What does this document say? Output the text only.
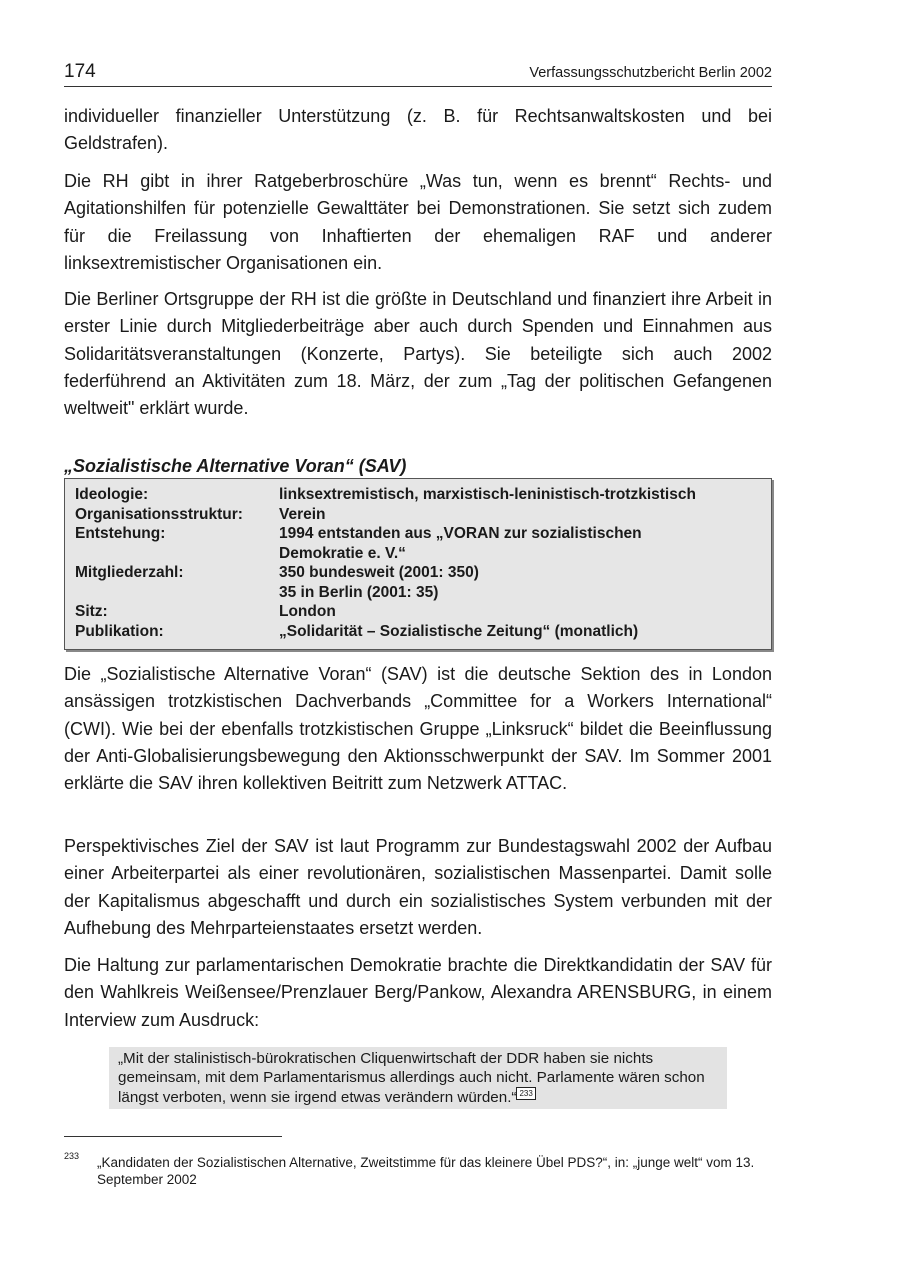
174	Verfassungsschutzbericht Berlin 2002

individueller finanzieller Unterstützung (z. B. für Rechtsanwaltskosten und bei Geldstrafen).

Die RH gibt in ihrer Ratgeberbroschüre „Was tun, wenn es brennt“ Rechts- und Agitationshilfen für potenzielle Gewalttäter bei Demonstrationen. Sie setzt sich zudem für die Freilassung von Inhaftierten der ehemaligen RAF und anderer linksextremistischer Organisationen ein.

Die Berliner Ortsgruppe der RH ist die größte in Deutschland und finanziert ihre Arbeit in erster Linie durch Mitgliederbeiträge aber auch durch Spenden und Einnahmen aus Solidaritätsveranstaltungen (Konzerte, Partys). Sie beteiligte sich auch 2002 federführend an Aktivitäten zum 18. März, der zum „Tag der politischen Gefangenen weltweit" erklärt wurde.

„Sozialistische Alternative Voran“ (SAV)
Ideologie:	linksextremistisch, marxistisch-leninistisch-trotzkistisch
Organisationsstruktur: Verein
Entstehung:	1994 entstanden aus „VORAN zur sozialistischen
Demokratie e. V.“
Mitgliederzahl:	350 bundesweit (2001: 350)
35 in Berlin (2001: 35)
Sitz:	London
Publikation:	„Solidarität – Sozialistische Zeitung“ (monatlich)

Die „Sozialistische Alternative Voran“ (SAV) ist die deutsche Sektion des in London ansässigen trotzkistischen Dachverbands „Committee for a Workers International“ (CWI). Wie bei der ebenfalls trotzkistischen Gruppe „Linksruck“ bildet die Beeinflussung der Anti-Globalisierungsbewegung den Aktionsschwerpunkt der SAV. Im Sommer 2001 erklärte die SAV ihren kollektiven Beitritt zum Netzwerk ATTAC.

Perspektivisches Ziel der SAV ist laut Programm zur Bundestagswahl 2002 der Aufbau einer Arbeiterpartei als einer revolutionären, sozialistischen Massenpartei. Damit solle der Kapitalismus abgeschafft und durch ein sozialistisches System verbunden mit der Aufhebung des Mehrparteienstaates ersetzt werden.

Die Haltung zur parlamentarischen Demokratie brachte die Direktkandidatin der SAV für den Wahlkreis Weißensee/Prenzlauer Berg/Pankow, Alexandra ARENSBURG, in einem Interview zum Ausdruck:

„Mit der stalinistisch-bürokratischen Cliquenwirtschaft der DDR haben sie nichts gemeinsam, mit dem Parlamentarismus allerdings auch nicht. Parlamente wären schon längst verboten, wenn sie irgend etwas verändern würden.“ 233

233 „Kandidaten der Sozialistischen Alternative, Zweitstimme für das kleinere Übel PDS?“, in: „junge welt“ vom 13. September 2002
